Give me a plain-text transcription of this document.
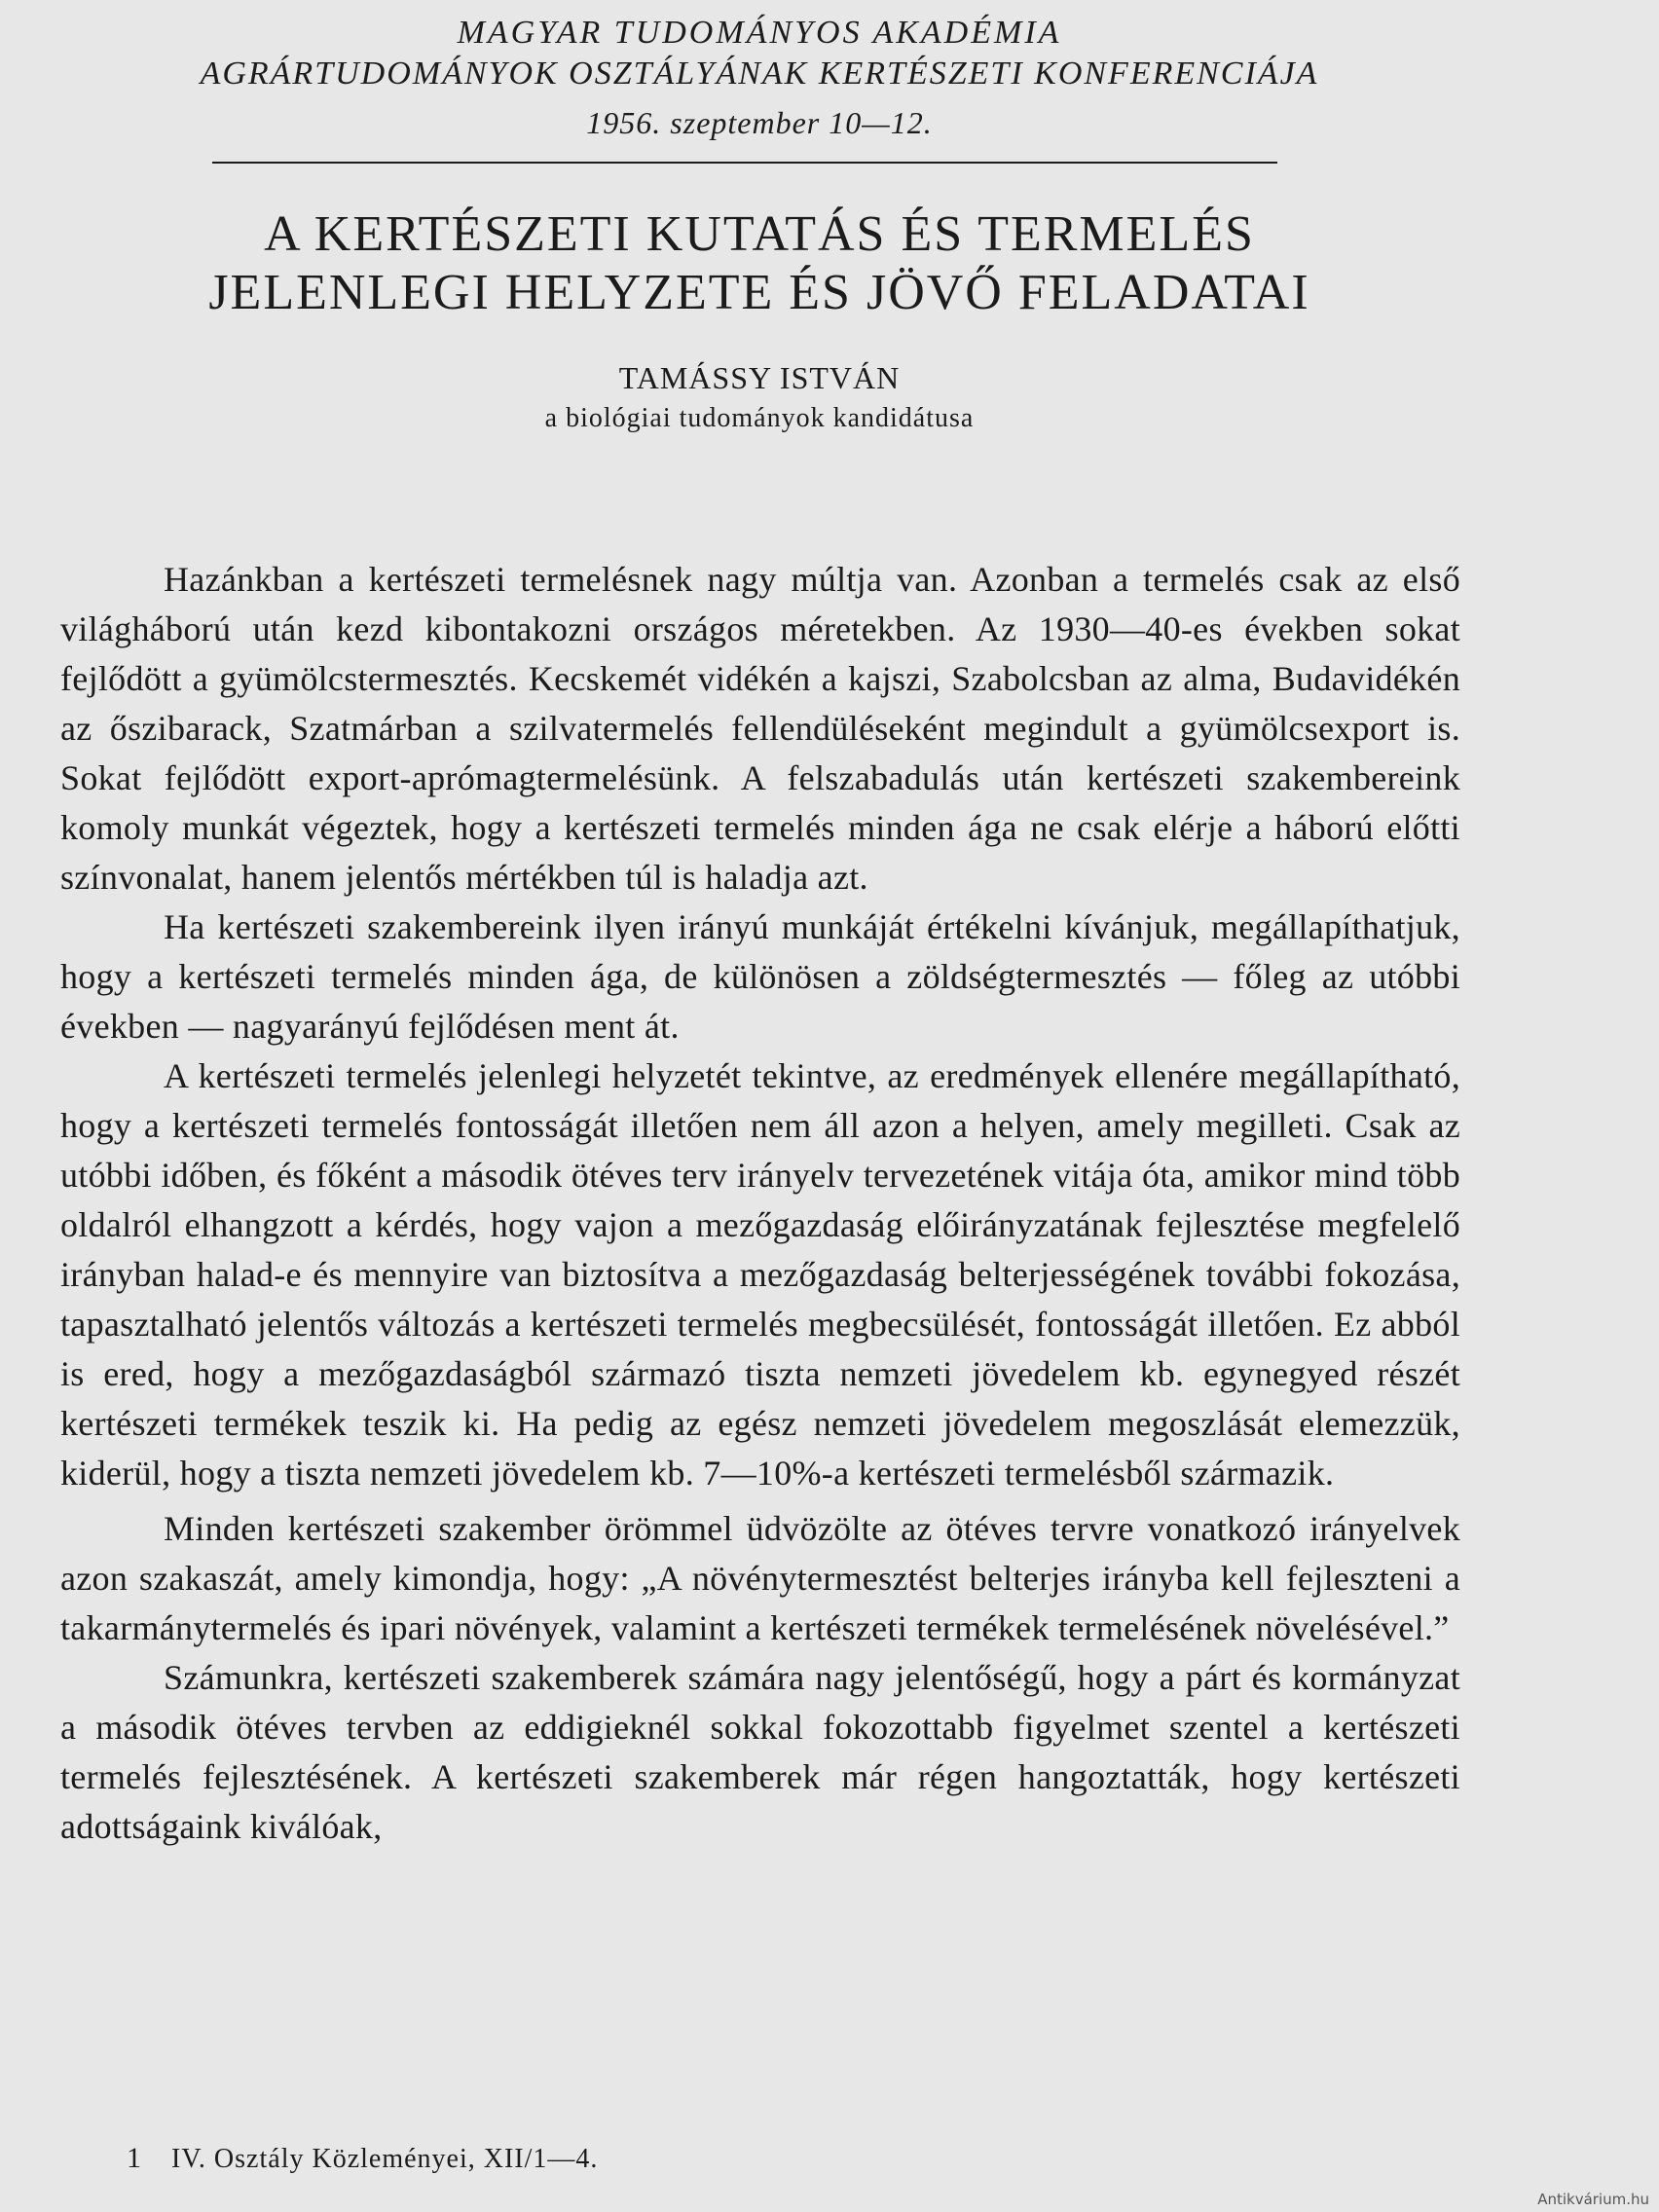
MAGYAR TUDOMÁNYOS AKADÉMIA
AGRÁRTUDOMÁNYOK OSZTÁLYÁNAK KERTÉSZETI KONFERENCIÁJA
1956. szeptember 10—12.
A KERTÉSZETI KUTATÁS ÉS TERMELÉS
JELENLEGI HELYZETE ÉS JÖVŐ FELADATAI
TAMÁSSY ISTVÁN
a biológiai tudományok kandidátusa

Hazánkban a kertészeti termelésnek nagy múltja van. Azonban a termelés csak az első világháború után kezd kibontakozni országos méretekben. Az 1930—40-es években sokat fejlődött a gyümölcstermesztés. Kecskemét vidékén a kajszi, Szabolcsban az alma, Budavidékén az őszibarack, Szatmárban a szilvatermelés fellendüléseként megindult a gyümölcsexport is. Sokat fejlődött export-aprómagtermelésünk. A felszabadulás után kertészeti szakembereink komoly munkát végeztek, hogy a kertészeti termelés minden ága ne csak elérje a háború előtti színvonalat, hanem jelentős mértékben túl is haladja azt.

Ha kertészeti szakembereink ilyen irányú munkáját értékelni kívánjuk, megállapíthatjuk, hogy a kertészeti termelés minden ága, de különösen a zöldségtermesztés — főleg az utóbbi években — nagyarányú fejlődésen ment át.

A kertészeti termelés jelenlegi helyzetét tekintve, az eredmények ellenére megállapítható, hogy a kertészeti termelés fontosságát illetően nem áll azon a helyen, amely megilleti. Csak az utóbbi időben, és főként a második ötéves terv irányelv tervezetének vitája óta, amikor mind több oldalról elhangzott a kérdés, hogy vajon a mezőgazdaság előirányzatának fejlesztése megfelelő irányban halad-e és mennyire van biztosítva a mezőgazdaság belterjességének további fokozása, tapasztalható jelentős változás a kertészeti termelés megbecsülését, fontosságát illetően. Ez abból is ered, hogy a mezőgazdaságból származó tiszta nemzeti jövedelem kb. egynegyed részét kertészeti termékek teszik ki. Ha pedig az egész nemzeti jövedelem megoszlását elemezzük, kiderül, hogy a tiszta nemzeti jövedelem kb. 7—10%-a kertészeti termelésből származik.

Minden kertészeti szakember örömmel üdvözölte az ötéves tervre vonatkozó irányelvek azon szakaszát, amely kimondja, hogy: „A növénytermesztést belterjes irányba kell fejleszteni a takarmánytermelés és ipari növények, valamint a kertészeti termékek termelésének növelésével.”

Számunkra, kertészeti szakemberek számára nagy jelentőségű, hogy a párt és kormányzat a második ötéves tervben az eddigieknél sokkal fokozottabb figyelmet szentel a kertészeti termelés fejlesztésének. A kertészeti szakemberek már régen hangoztatták, hogy kertészeti adottságaink kiválóak,

1 IV. Osztály Közleményei, XII/1—4.
Antikvárium.hu
